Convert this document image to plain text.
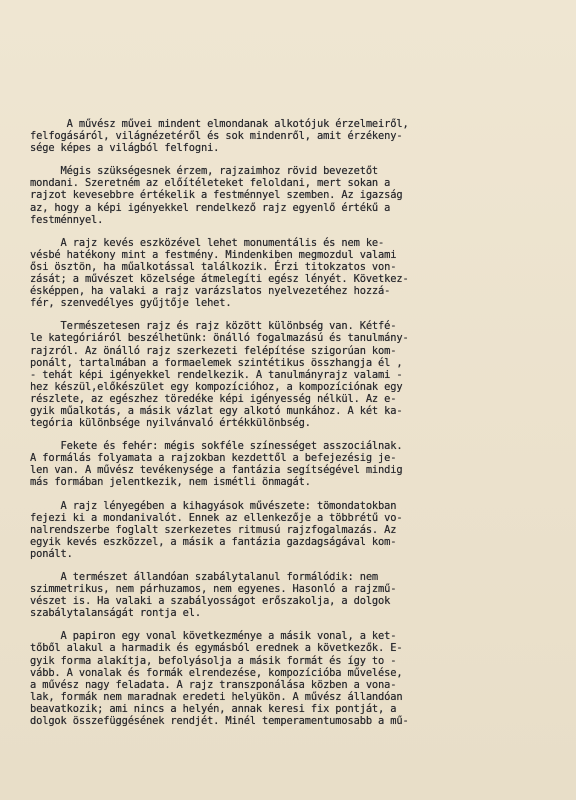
A művész művei mindent elmondanak alkotójuk érzelmeiről,
felfogásáról, világnézetéről és sok mindenről, amit érzékeny-
sége képes a világból felfogni.
Mégis szükségesnek érzem, rajzaimhoz rövid bevezetőt
mondani. Szeretném az előítéleteket feloldani, mert sokan a
rajzot kevesebbre értékelik a festménnyel szemben. Az igazság
az, hogy a képi igényekkel rendelkező rajz egyenlő értékű a
festménnyel.
A rajz kevés eszközével lehet monumentális és nem ke-
vésbé hatékony mint a festmény. Mindenkiben megmozdul valami
ősi ösztön, ha műalkotással találkozik. Érzi titokzatos von-
zását; a művészet közelsége átmelegíti egész lényét. Következ-
ésképpen, ha valaki a rajz varázslatos nyelvezetéhez hozzá-
fér, szenvedélyes gyűjtője lehet.
Természetesen rajz és rajz között különbség van. Kétfé-
le kategóriáról beszélhetünk: önálló fogalmazású és tanulmány-
rajzról. Az önálló rajz szerkezeti felépítése szigorúan kom-
ponált, tartalmában a formaelemek szintétikus összhangja él ,
- tehát képi igényekkel rendelkezik. A tanulmányrajz valami -
hez készül,előkészület egy kompozícióhoz, a kompozíciónak egy
részlete, az egészhez töredéke képi igényesség nélkül. Az e-
gyik műalkotás, a másik vázlat egy alkotó munkához. A két ka-
tegória különbsége nyilvánvaló értékkülönbség.
Fekete és fehér: mégis sokféle színességet asszociálnak.
A formálás folyamata a rajzokban kezdettől a befejezésig je-
len van. A művész tevékenysége a fantázia segítségével mindig
más formában jelentkezik, nem ismétli önmagát.
A rajz lényegében a kihagyások művészete: tömondatokban
fejezi ki a mondanivalót. Ennek az ellenkezője a többrétű vo-
nalrendszerbe foglalt szerkezetes ritmusú rajzfogalmazás. Az
egyik kevés eszközzel, a másik a fantázia gazdagságával kom-
ponált.
A természet állandóan szabálytalanul formálódik: nem
szimmetrikus, nem párhuzamos, nem egyenes. Hasonló a rajzmű-
vészet is. Ha valaki a szabályosságot erőszakolja, a dolgok
szabálytalanságát rontja el.
A papiron egy vonal következménye a másik vonal, a ket-
tőből alakul a harmadik és egymásból erednek a következők. E-
gyik forma alakítja, befolyásolja a másik formát és így to -
vább. A vonalak és formák elrendezése, kompozícióba művelése,
a művész nagy feladata. A rajz transzponálása közben a vona-
lak, formák nem maradnak eredeti helyükön. A művész állandóan
beavatkozik; ami nincs a helyén, annak keresi fix pontját, a
dolgok összefüggésének rendjét. Minél temperamentumosabb a mű-
